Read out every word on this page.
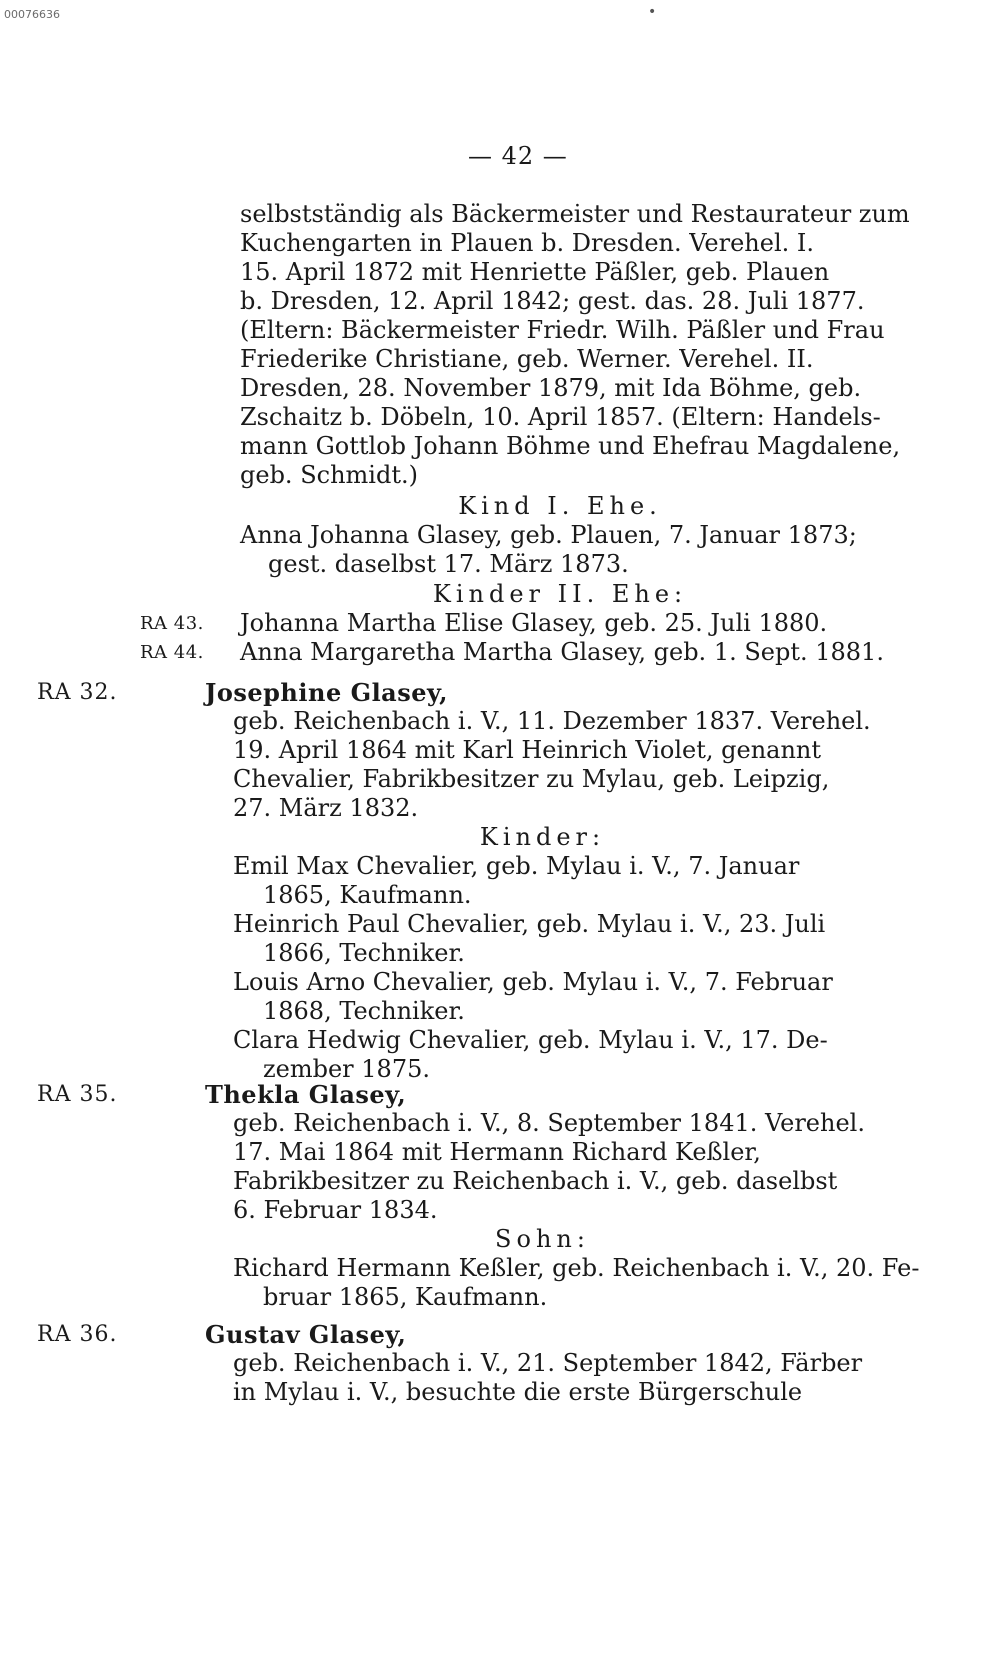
00076636	•
— 42 —
selbstständig als Bäckermeister und Restaurateur zum
Kuchengarten in Plauen b. Dresden. Verehel. I.
15. April 1872 mit Henriette Päßler, geb. Plauen
b. Dresden, 12. April 1842; gest. das. 28. Juli 1877.
(Eltern: Bäckermeister Friedr. Wilh. Päßler und Frau
Friederike Christiane, geb. Werner. Verehel. II.
Dresden, 28. November 1879, mit Ida Böhme, geb.
Zschaitz b. Döbeln, 10. April 1857. (Eltern: Handels-
mann Gottlob Johann Böhme und Ehefrau Magdalene,
geb. Schmidt.)
Kind I. Ehe.
Anna Johanna Glasey, geb. Plauen, 7. Januar 1873;
gest. daselbst 17. März 1873.
Kinder II. Ehe:
Johanna Martha Elise Glasey, geb. 25. Juli 1880.
Anna Margaretha Martha Glasey, geb. 1. Sept. 1881.
RA 43.
RA 44.
RA 32.	Josephine Glasey,
geb. Reichenbach i. V., 11. Dezember 1837. Verehel.
19. April 1864 mit Karl Heinrich Violet, genannt
Chevalier, Fabrikbesitzer zu Mylau, geb. Leipzig,
27. März 1832.
Kinder:
Emil Max Chevalier, geb. Mylau i. V., 7. Januar
1865, Kaufmann.
Heinrich Paul Chevalier, geb. Mylau i. V., 23. Juli
1866, Techniker.
Louis Arno Chevalier, geb. Mylau i. V., 7. Februar
1868, Techniker.
Clara Hedwig Chevalier, geb. Mylau i. V., 17. De-
zember 1875.
RA 35.	Thekla Glasey,
geb. Reichenbach i. V., 8. September 1841. Verehel.
17. Mai 1864 mit Hermann Richard Keßler,
Fabrikbesitzer zu Reichenbach i. V., geb. daselbst
6. Februar 1834.
Sohn:
Richard Hermann Keßler, geb. Reichenbach i. V., 20. Fe-
bruar 1865, Kaufmann.
RA 36.	Gustav Glasey,
geb. Reichenbach i. V., 21. September 1842, Färber
in Mylau i. V., besuchte die erste Bürgerschule
